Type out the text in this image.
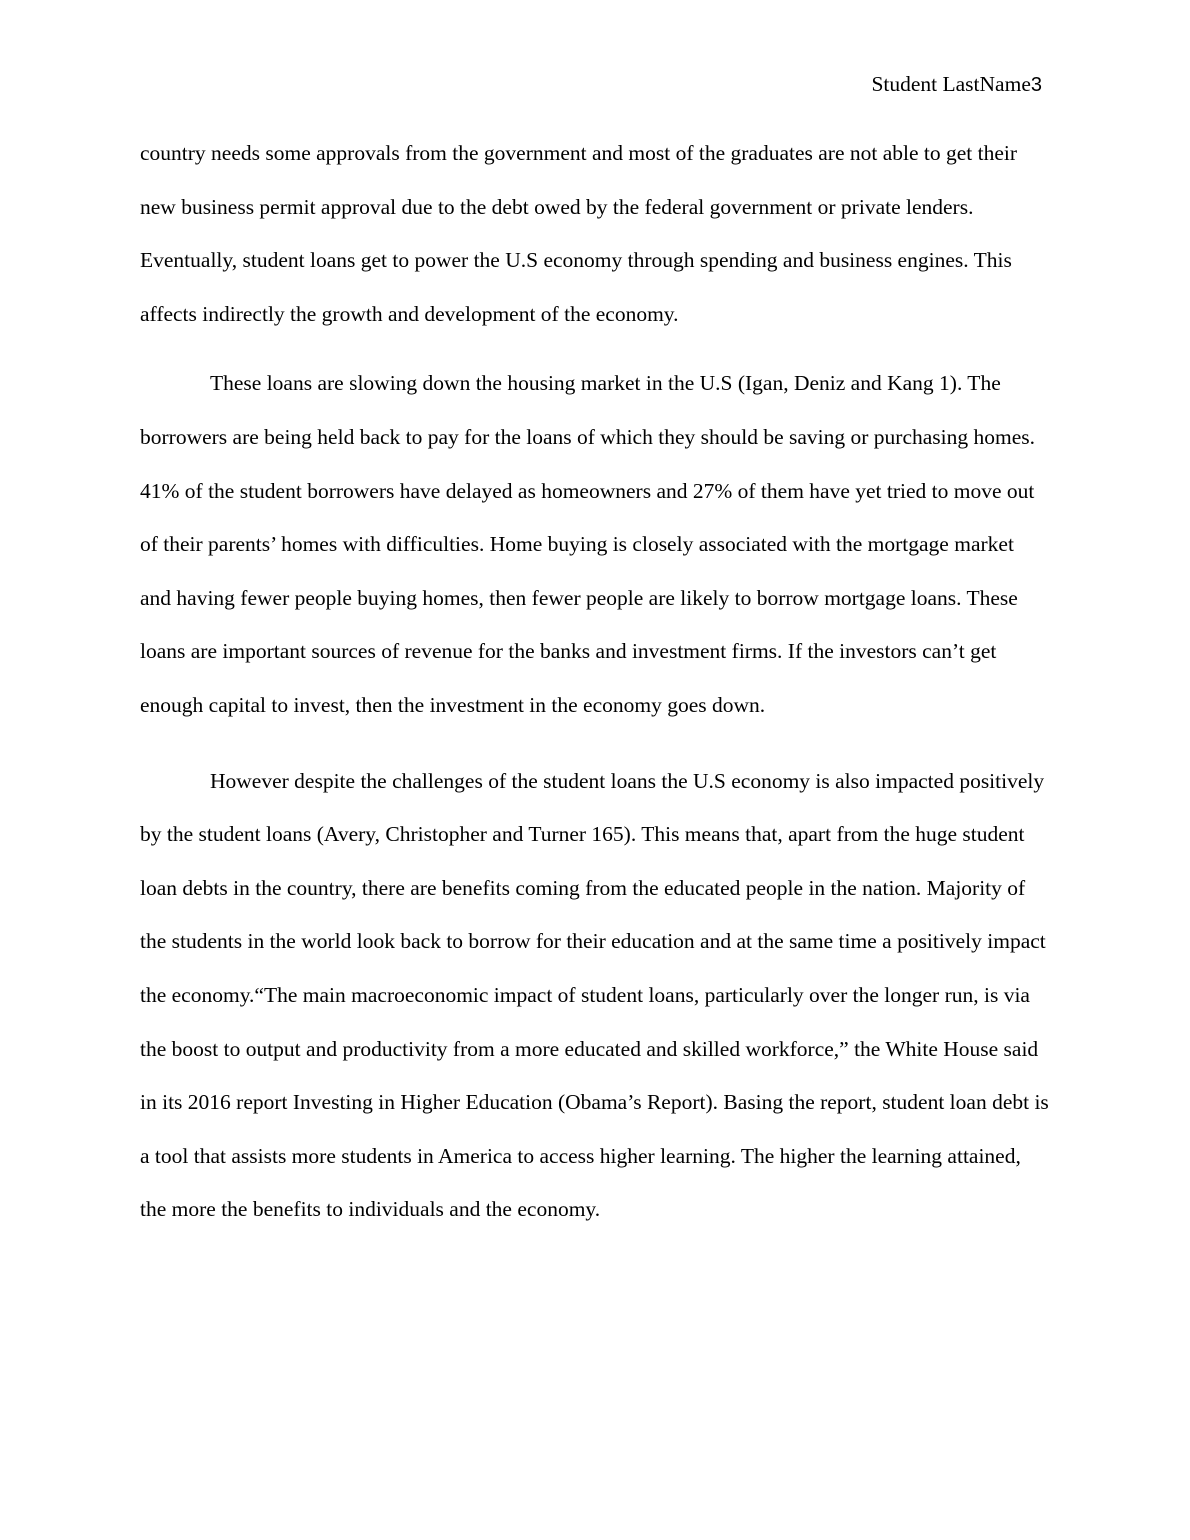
Student LastName3

country needs some approvals from the government and most of the graduates are not able to get their new business permit approval due to the debt owed by the federal government or private lenders. Eventually, student loans get to power the U.S economy through spending and business engines. This affects indirectly the growth and development of the economy.

These loans are slowing down the housing market in the U.S (Igan, Deniz and Kang 1). The borrowers are being held back to pay for the loans of which they should be saving or purchasing homes. 41% of the student borrowers have delayed as homeowners and 27% of them have yet tried to move out of their parents’ homes with difficulties. Home buying is closely associated with the mortgage market and having fewer people buying homes, then fewer people are likely to borrow mortgage loans. These loans are important sources of revenue for the banks and investment firms. If the investors can’t get enough capital to invest, then the investment in the economy goes down.

However despite the challenges of the student loans the U.S economy is also impacted positively by the student loans (Avery, Christopher and Turner 165). This means that, apart from the huge student loan debts in the country, there are benefits coming from the educated people in the nation. Majority of the students in the world look back to borrow for their education and at the same time a positively impact the economy.“The main macroeconomic impact of student loans, particularly over the longer run, is via the boost to output and productivity from a more educated and skilled workforce,” the White House said in its 2016 report Investing in Higher Education (Obama’s Report). Basing the report, student loan debt is a tool that assists more students in America to access higher learning. The higher the learning attained, the more the benefits to individuals and the economy.
